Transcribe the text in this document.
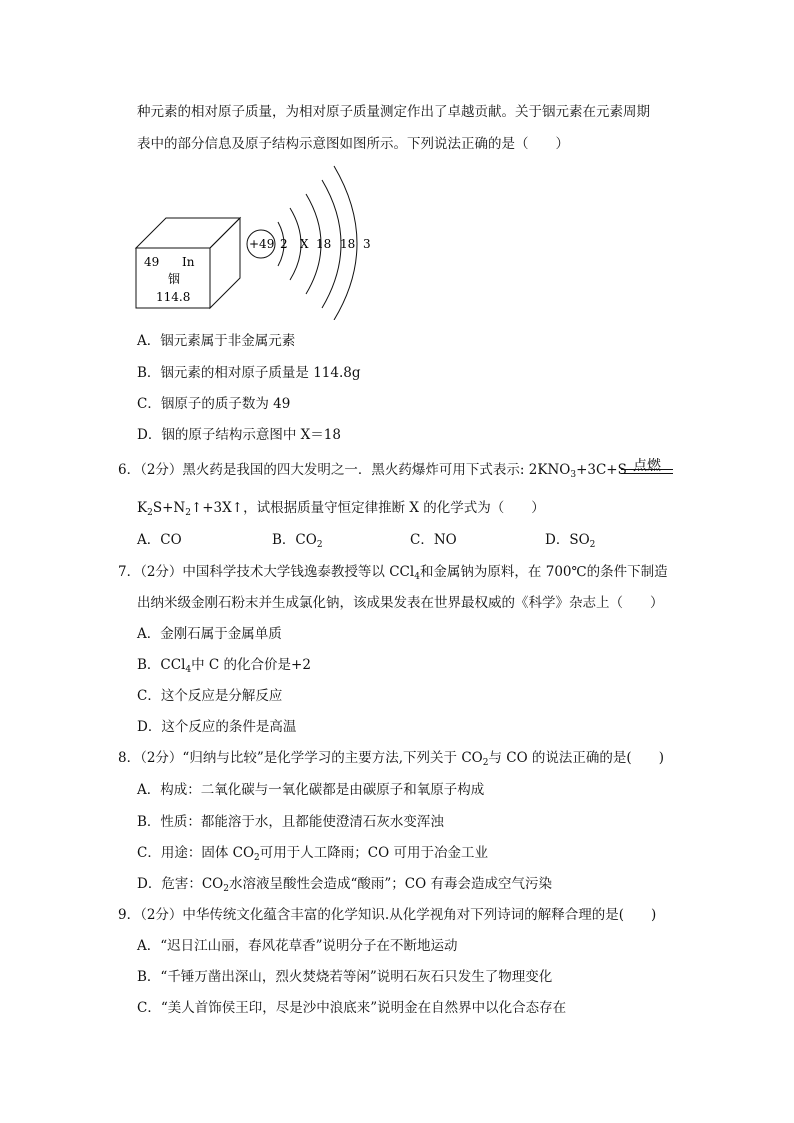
种元素的相对原子质量，为相对原子质量测定作出了卓越贡献。关于铟元素在元素周期
表中的部分信息及原子结构示意图如图所示。下列说法正确的是（　　）
49 In
铟
114.8
+49 2 X 18 18 3
A．铟元素属于非金属元素
B．铟元素的相对原子质量是 114.8g
C．铟原子的质子数为 49
D．铟的原子结构示意图中 X＝18
6．（2分）黑火药是我国的四大发明之一．黑火药爆炸可用下式表示: $2KNO_3+3C+S$ 点燃
$K_2S+N_2↑+3X↑$，试根据质量守恒定律推断 X 的化学式为（　　）
A．CO	B．$CO_2$	C．NO	D．$SO_2$
7．（2分）中国科学技术大学钱逸泰教授等以 CCl$_4$和金属钠为原料，在 700℃的条件下制造
出纳米级金刚石粉末并生成氯化钠，该成果发表在世界最权威的《科学》杂志上（　　）
A．金刚石属于金属单质
B．CCl$_4$中 C 的化合价是+2
C．这个反应是分解反应
D．这个反应的条件是高温
8．（2分）“归纳与比较”是化学学习的主要方法,下列关于 $CO_2$与 CO 的说法正确的是(　　)
A．构成：二氧化碳与一氧化碳都是由碳原子和氧原子构成
B．性质：都能溶于水，且都能使澄清石灰水变浑浊
C．用途：固体 $CO_2$可用于人工降雨；CO 可用于冶金工业
D．危害：$CO_2$水溶液呈酸性会造成“酸雨”；CO 有毒会造成空气污染
9．（2分）中华传统文化蕴含丰富的化学知识.从化学视角对下列诗词的解释合理的是(　　)
A．“迟日江山丽，春风花草香”说明分子在不断地运动
B．“千锤万凿出深山，烈火焚烧若等闲”说明石灰石只发生了物理变化
C．“美人首饰侯王印，尽是沙中浪底来”说明金在自然界中以化合态存在
